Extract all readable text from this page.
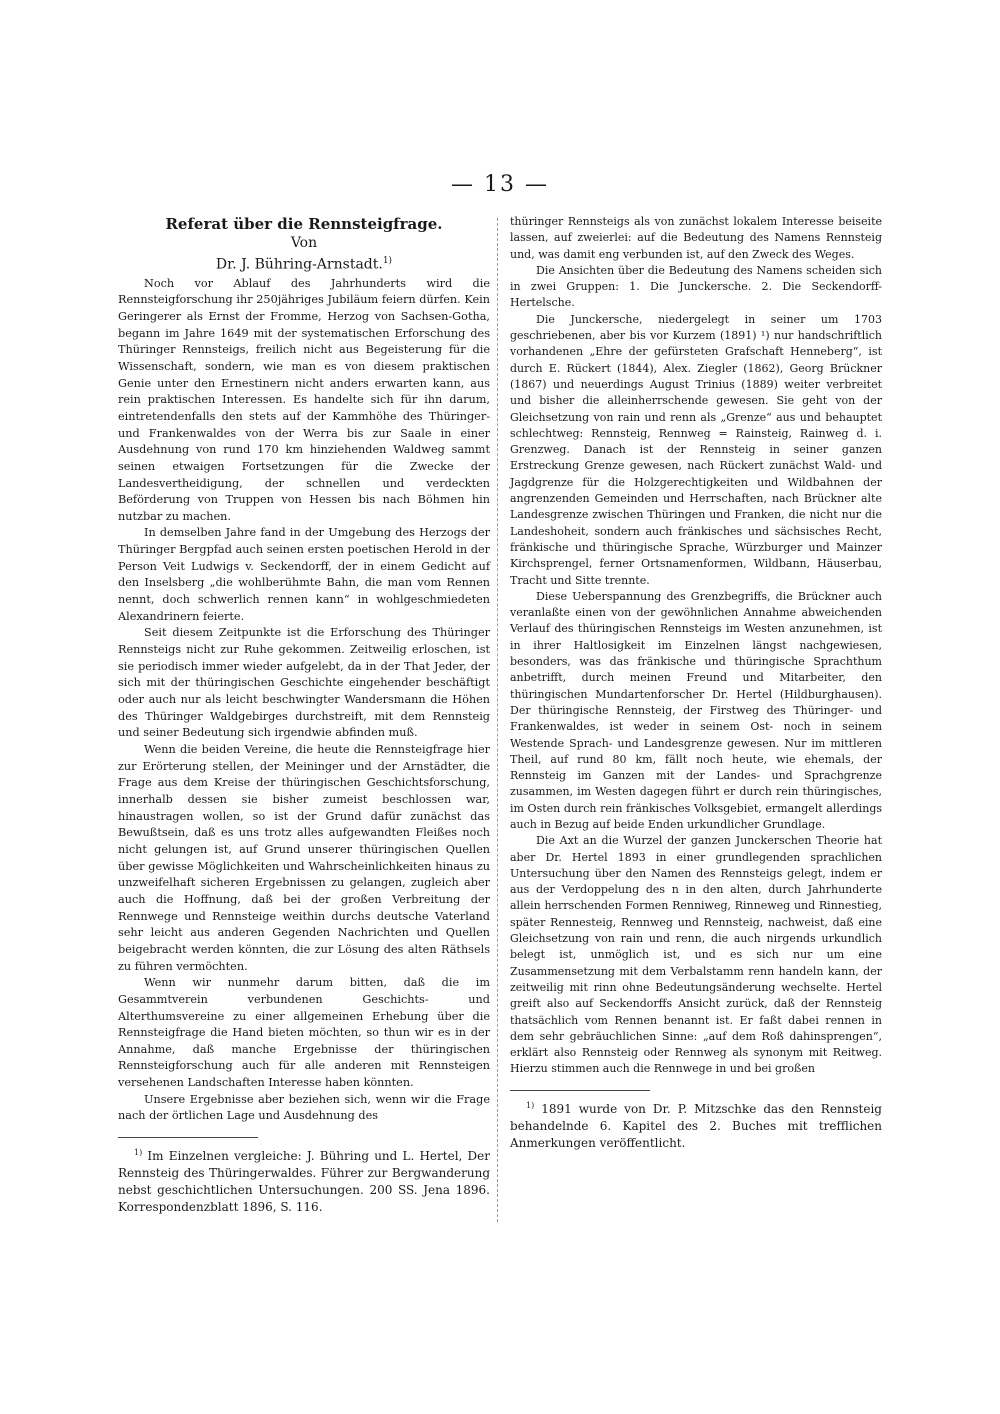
— 13 —
Referat über die Rennsteigfrage.
Von
Dr. J. Bühring-Arnstadt.$^{1)}$

Noch vor Ablauf des Jahrhunderts wird die Rennsteigforschung ihr 250jähriges Jubiläum feiern dürfen. Kein Geringerer als Ernst der Fromme, Herzog von Sachsen-Gotha, begann im Jahre 1649 mit der systematischen Erforschung des Thüringer Rennsteigs, freilich nicht aus Begeisterung für die Wissenschaft, sondern, wie man es von diesem praktischen Genie unter den Ernestinern nicht anders erwarten kann, aus rein praktischen Interessen. Es handelte sich für ihn darum, eintretendenfalls den stets auf der Kammhöhe des Thüringer- und Frankenwaldes von der Werra bis zur Saale in einer Ausdehnung von rund 170 km hinziehenden Waldweg sammt seinen etwaigen Fortsetzungen für die Zwecke der Landesvertheidigung, der schnellen und verdeckten Beförderung von Truppen von Hessen bis nach Böhmen hin nutzbar zu machen.

In demselben Jahre fand in der Umgebung des Herzogs der Thüringer Bergpfad auch seinen ersten poetischen Herold in der Person Veit Ludwigs v. Seckendorff, der in einem Gedicht auf den Inselsberg „die wohlberühmte Bahn, die man vom Rennen nennt, doch schwerlich rennen kann“ in wohlgeschmiedeten Alexandrinern feierte.

Seit diesem Zeitpunkte ist die Erforschung des Thüringer Rennsteigs nicht zur Ruhe gekommen. Zeitweilig erloschen, ist sie periodisch immer wieder aufgelebt, da in der That Jeder, der sich mit der thüringischen Geschichte eingehender beschäftigt oder auch nur als leicht beschwingter Wandersmann die Höhen des Thüringer Waldgebirges durchstreift, mit dem Rennsteig und seiner Bedeutung sich irgendwie abfinden muß.

Wenn die beiden Vereine, die heute die Rennsteigfrage hier zur Erörterung stellen, der Meininger und der Arnstädter, die Frage aus dem Kreise der thüringischen Geschichtsforschung, innerhalb dessen sie bisher zumeist beschlossen war, hinaustragen wollen, so ist der Grund dafür zunächst das Bewußtsein, daß es uns trotz alles aufgewandten Fleißes noch nicht gelungen ist, auf Grund unserer thüringischen Quellen über gewisse Möglichkeiten und Wahrscheinlichkeiten hinaus zu unzweifelhaft sicheren Ergebnissen zu gelangen, zugleich aber auch die Hoffnung, daß bei der großen Verbreitung der Rennwege und Rennsteige weithin durchs deutsche Vaterland sehr leicht aus anderen Gegenden Nachrichten und Quellen beigebracht werden könnten, die zur Lösung des alten Räthsels zu führen vermöchten.

Wenn wir nunmehr darum bitten, daß die im Gesammtverein verbundenen Geschichts- und Alterthumsvereine zu einer allgemeinen Erhebung über die Rennsteigfrage die Hand bieten möchten, so thun wir es in der Annahme, daß manche Ergebnisse der thüringischen Rennsteigforschung auch für alle anderen mit Rennsteigen versehenen Landschaften Interesse haben könnten.

Unsere Ergebnisse aber beziehen sich, wenn wir die Frage nach der örtlichen Lage und Ausdehnung des

$^{1)}$ Im Einzelnen vergleiche: J. Bühring und L. Hertel, Der Rennsteig des Thüringerwaldes. Führer zur Bergwanderung nebst geschichtlichen Untersuchungen. 200 SS. Jena 1896. Korrespondenzblatt 1896, S. 116.

thüringer Rennsteigs als von zunächst lokalem Interesse beiseite lassen, auf zweierlei: auf die Bedeutung des Namens Rennsteig und, was damit eng verbunden ist, auf den Zweck des Weges.

Die Ansichten über die Bedeutung des Namens scheiden sich in zwei Gruppen: 1. Die Junckersche. 2. Die Seckendorff-Hertelsche.

Die Junckersche, niedergelegt in seiner um 1703 geschriebenen, aber bis vor Kurzem (1891) ¹) nur handschriftlich vorhandenen „Ehre der gefürsteten Grafschaft Henneberg“, ist durch E. Rückert (1844), Alex. Ziegler (1862), Georg Brückner (1867) und neuerdings August Trinius (1889) weiter verbreitet und bisher die alleinherrschende gewesen. Sie geht von der Gleichsetzung von rain und renn als „Grenze“ aus und behauptet schlechtweg: Rennsteig, Rennweg = Rainsteig, Rainweg d. i. Grenzweg. Danach ist der Rennsteig in seiner ganzen Erstreckung Grenze gewesen, nach Rückert zunächst Wald- und Jagdgrenze für die Holzgerechtigkeiten und Wildbahnen der angrenzenden Gemeinden und Herrschaften, nach Brückner alte Landesgrenze zwischen Thüringen und Franken, die nicht nur die Landeshoheit, sondern auch fränkisches und sächsisches Recht, fränkische und thüringische Sprache, Würzburger und Mainzer Kirchsprengel, ferner Ortsnamenformen, Wildbann, Häuserbau, Tracht und Sitte trennte.

Diese Ueberspannung des Grenzbegriffs, die Brückner auch veranlaßte einen von der gewöhnlichen Annahme abweichenden Verlauf des thüringischen Rennsteigs im Westen anzunehmen, ist in ihrer Haltlosigkeit im Einzelnen längst nachgewiesen, besonders, was das fränkische und thüringische Sprachthum anbetrifft, durch meinen Freund und Mitarbeiter, den thüringischen Mundartenforscher Dr. Hertel (Hildburghausen). Der thüringische Rennsteig, der Firstweg des Thüringer- und Frankenwaldes, ist weder in seinem Ost- noch in seinem Westende Sprach- und Landesgrenze gewesen. Nur im mittleren Theil, auf rund 80 km, fällt noch heute, wie ehemals, der Rennsteig im Ganzen mit der Landes- und Sprachgrenze zusammen, im Westen dagegen führt er durch rein thüringisches, im Osten durch rein fränkisches Volksgebiet, ermangelt allerdings auch in Bezug auf beide Enden urkundlicher Grundlage.

Die Axt an die Wurzel der ganzen Junckerschen Theorie hat aber Dr. Hertel 1893 in einer grundlegenden sprachlichen Untersuchung über den Namen des Rennsteigs gelegt, indem er aus der Verdoppelung des n in den alten, durch Jahrhunderte allein herrschenden Formen Renniweg, Rinneweg und Rinnestieg, später Rennesteig, Rennweg und Rennsteig, nachweist, daß eine Gleichsetzung von rain und renn, die auch nirgends urkundlich belegt ist, unmöglich ist, und es sich nur um eine Zusammensetzung mit dem Verbalstamm renn handeln kann, der zeitweilig mit rinn ohne Bedeutungsänderung wechselte. Hertel greift also auf Seckendorffs Ansicht zurück, daß der Rennsteig thatsächlich vom Rennen benannt ist. Er faßt dabei rennen in dem sehr gebräuchlichen Sinne: „auf dem Roß dahinsprengen“, erklärt also Rennsteig oder Rennweg als synonym mit Reitweg. Hierzu stimmen auch die Rennwege in und bei großen

$^{1)}$ 1891 wurde von Dr. P. Mitzschke das den Rennsteig behandelnde 6. Kapitel des 2. Buches mit trefflichen Anmerkungen veröffentlicht.
